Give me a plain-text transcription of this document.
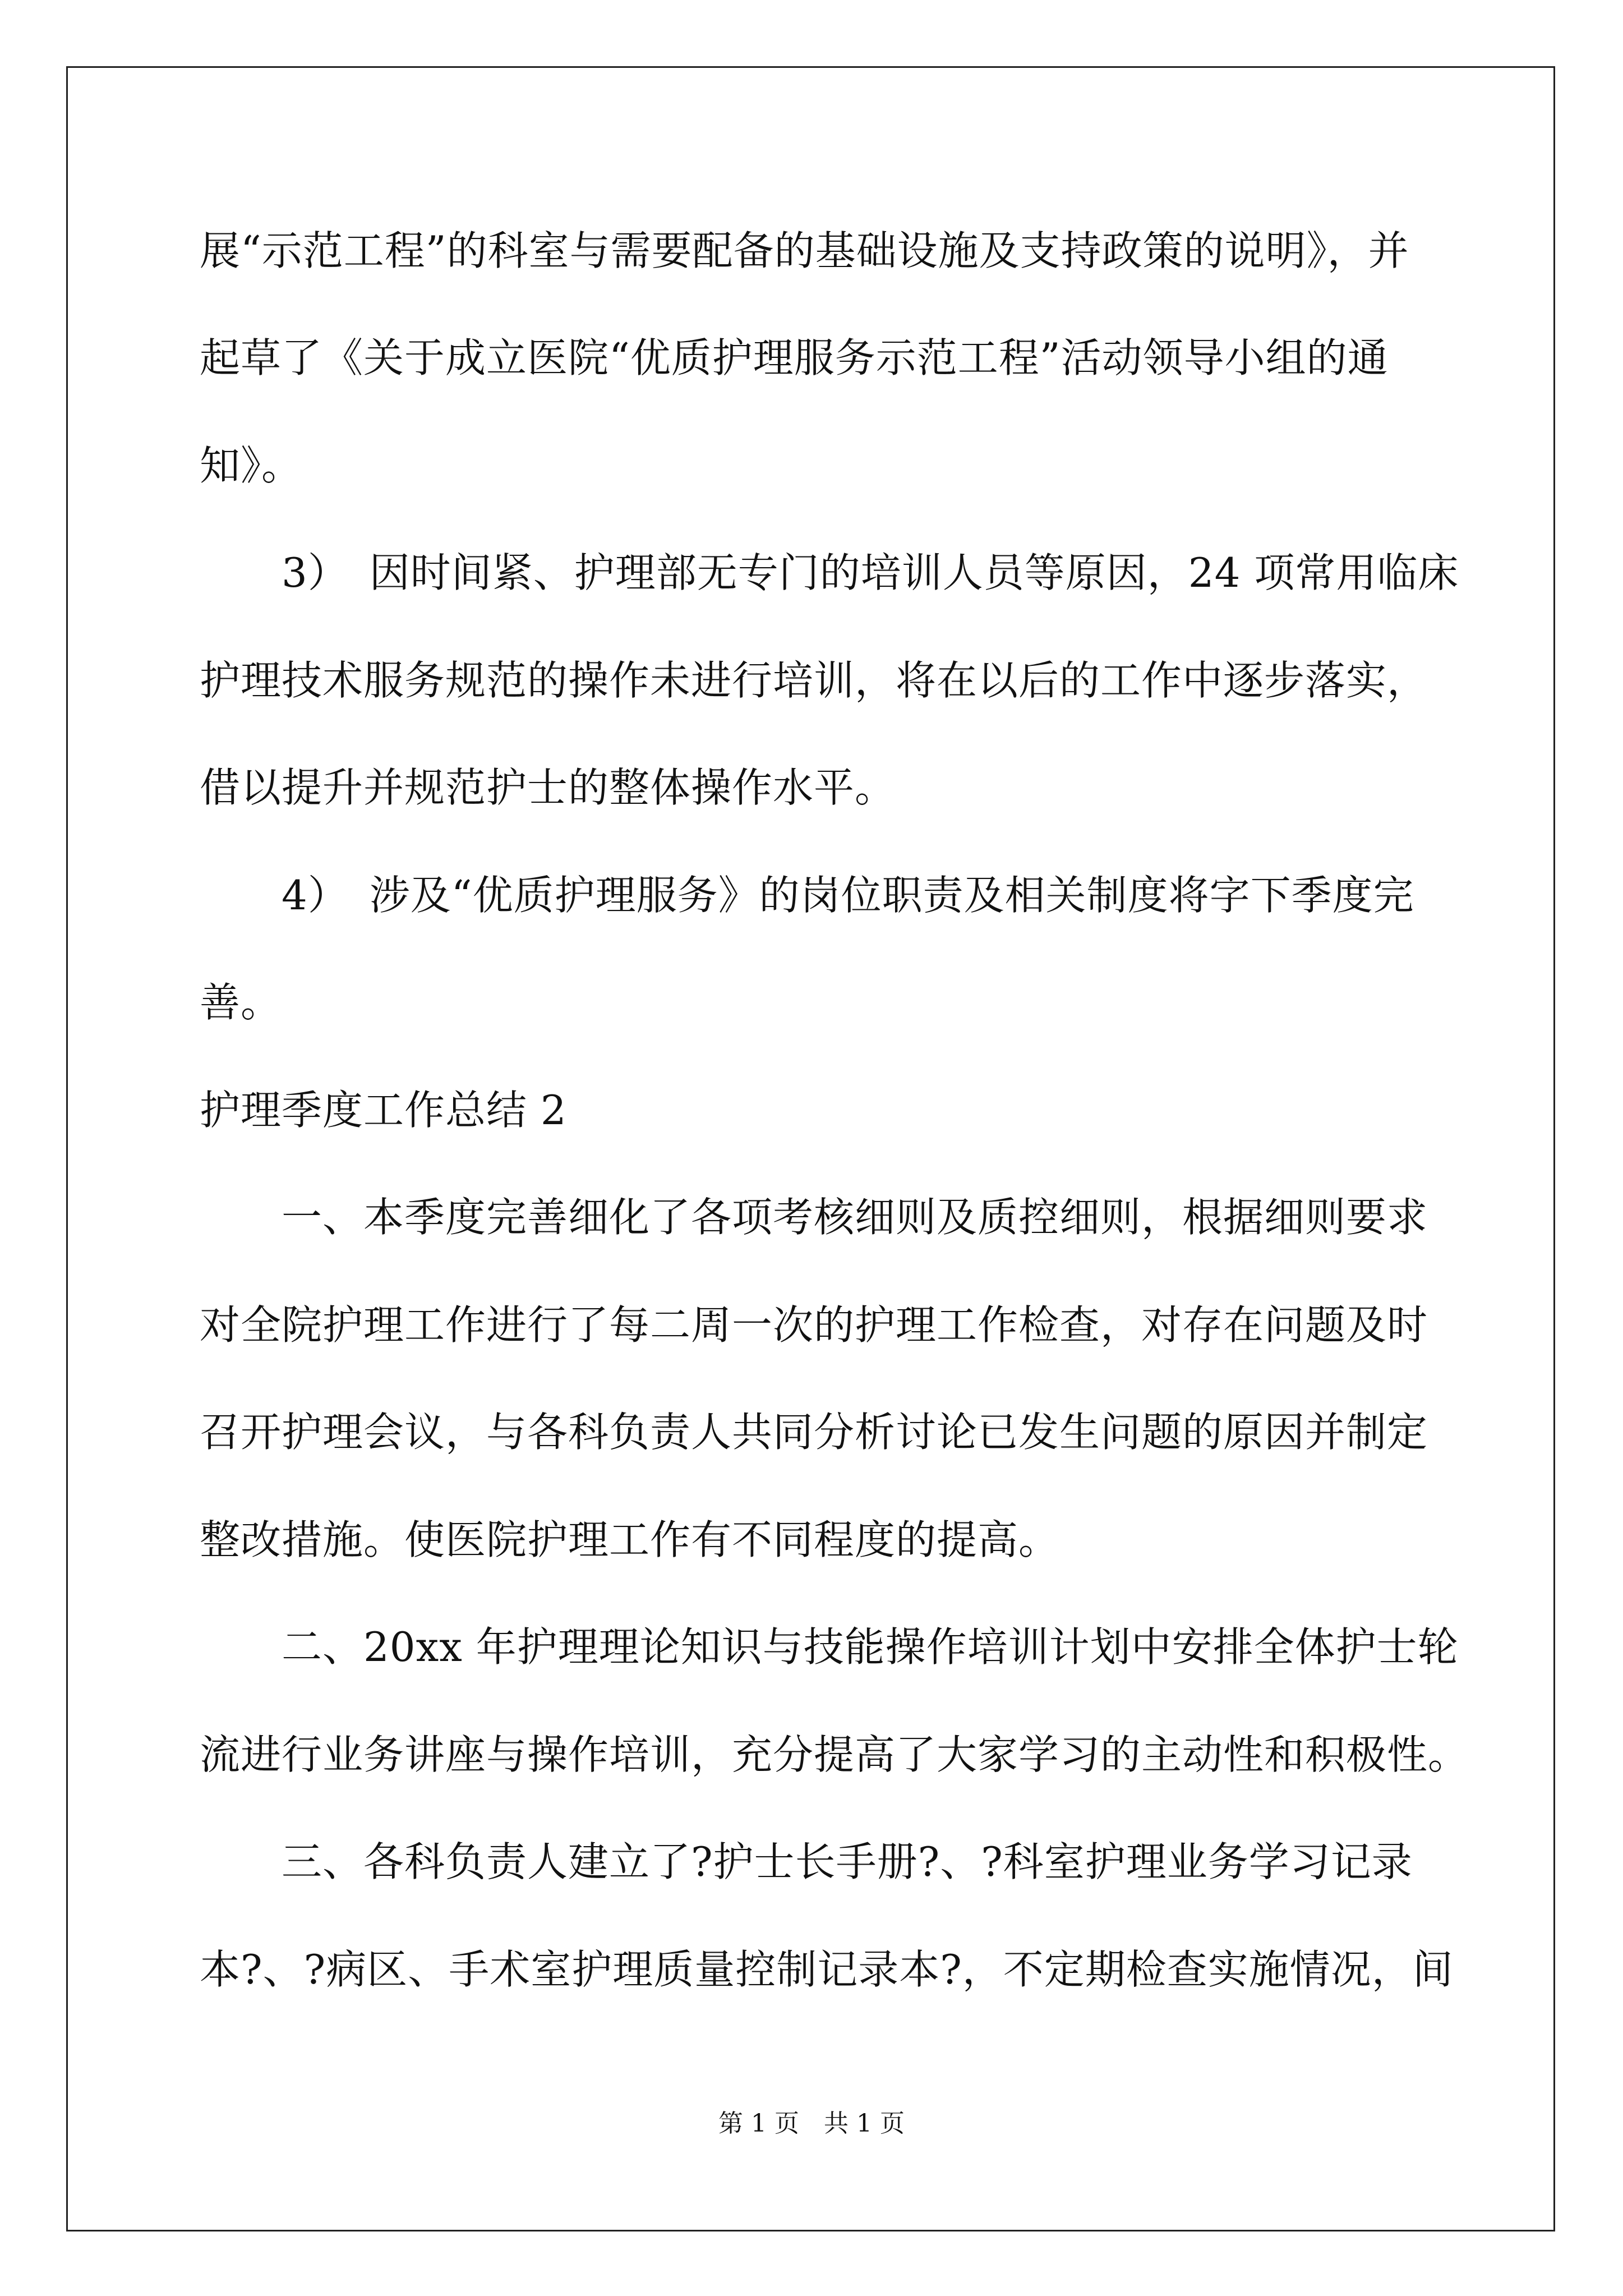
展“示范工程”的科室与需要配备的基础设施及支持政策的说明》，并
起草了《关于成立医院“优质护理服务示范工程”活动领导小组的通
知》。
　　3）　因时间紧、护理部无专门的培训人员等原因，24 项常用临床
护理技术服务规范的操作未进行培训，将在以后的工作中逐步落实，
借以提升并规范护士的整体操作水平。
　　4）　涉及“优质护理服务》的岗位职责及相关制度将字下季度完
善。
护理季度工作总结 2
　　一、本季度完善细化了各项考核细则及质控细则，根据细则要求
对全院护理工作进行了每二周一次的护理工作检查，对存在问题及时
召开护理会议，与各科负责人共同分析讨论已发生问题的原因并制定
整改措施。使医院护理工作有不同程度的提高。
　　二、20xx 年护理理论知识与技能操作培训计划中安排全体护士轮
流进行业务讲座与操作培训，充分提高了大家学习的主动性和积极性。
　　三、各科负责人建立了?护士长手册?、?科室护理业务学习记录
本?、?病区、手术室护理质量控制记录本?，不定期检查实施情况，间
第 1 页　共 1 页
